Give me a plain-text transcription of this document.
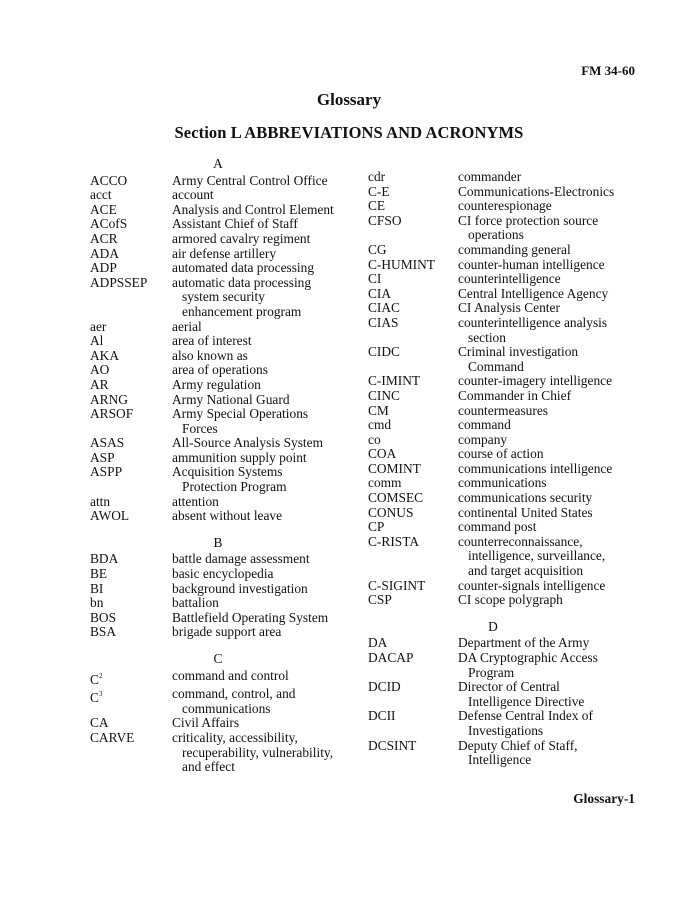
FM 34-60
Glossary
Section L ABBREVIATIONS AND ACRONYMS
A
ACCO	Army Central Control Office
acct	account
ACE	Analysis and Control Element
ACofS	Assistant Chief of Staff
ACR	armored cavalry regiment
ADA	air defense artillery
ADP	automated data processing
ADPSSEP	automatic data processing
system security
enhancement program
aer	aerial
Al	area of interest
AKA	also known as
AO	area of operations
AR	Army regulation
ARNG	Army National Guard
ARSOF	Army Special Operations
Forces
ASAS	All-Source Analysis System
ASP	ammunition supply point
ASPP	Acquisition Systems
Protection Program
attn	attention
AWOL	absent without leave
B
BDA	battle damage assessment
BE	basic encyclopedia
BI	background investigation
bn	battalion
BOS	Battlefield Operating System
BSA	brigade support area
C
$C^2$	command and control
$C^3$	command, control, and
communications
CA	Civil Affairs
CARVE	criticality, accessibility,
recuperability, vulnerability,
and effect
cdr	commander
C-E	Communications-Electronics
CE	counterespionage
CFSO	CI force protection source
operations
CG	commanding general
C-HUMINT	counter-human intelligence
CI	counterintelligence
CIA	Central Intelligence Agency
CIAC	CI Analysis Center
CIAS	counterintelligence analysis
section
CIDC	Criminal investigation
Command
C-IMINT	counter-imagery intelligence
CINC	Commander in Chief
CM	countermeasures
cmd	command
co	company
COA	course of action
COMINT	communications intelligence
comm	communications
COMSEC	communications security
CONUS	continental United States
CP	command post
C-RISTA	counterreconnaissance,
intelligence, surveillance,
and target acquisition
C-SIGINT	counter-signals intelligence
CSP	CI scope polygraph
D
DA	Department of the Army
DACAP	DA Cryptographic Access
Program
DCID	Director of Central
Intelligence Directive
DCII	Defense Central Index of
Investigations
DCSINT	Deputy Chief of Staff,
Intelligence
Glossary-1
